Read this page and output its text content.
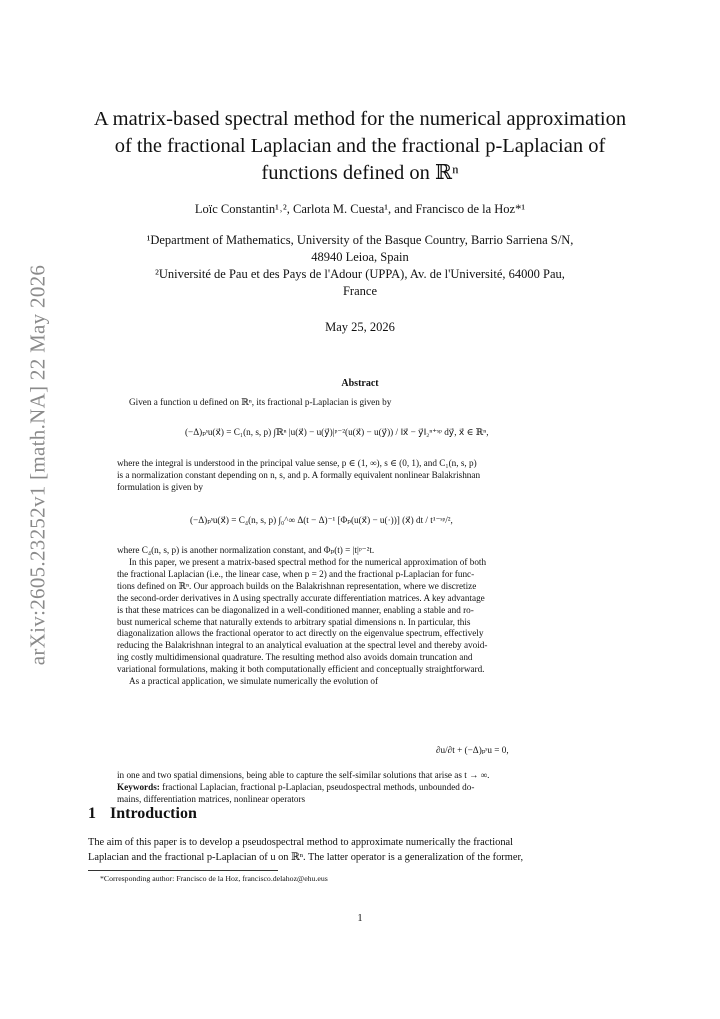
arXiv:2605.23252v1 [math.NA] 22 May 2026
A matrix-based spectral method for the numerical approximation
of the fractional Laplacian and the fractional p-Laplacian of
functions defined on ℝⁿ
Loïc Constantin¹˒², Carlota M. Cuesta¹, and Francisco de la Hoz*¹
¹Department of Mathematics, University of the Basque Country, Barrio Sarriena S/N,
48940 Leioa, Spain
²Université de Pau et des Pays de l'Adour (UPPA), Av. de l'Université, 64000 Pau,
France
May 25, 2026
Abstract
Given a function u defined on ℝⁿ, its fractional p-Laplacian is given by
(−Δ)ₚˢu(x⃗) = C₁(n, s, p) ∫ℝⁿ |u(x⃗) − u(y⃗)|ᵖ⁻²(u(x⃗) − u(y⃗)) / ‖x⃗ − y⃗‖₂ⁿ⁺ˢᵖ dy⃗, x⃗ ∈ ℝⁿ,
where the integral is understood in the principal value sense, p ∈ (1, ∞), s ∈ (0, 1), and C₁(n, s, p)
is a normalization constant depending on n, s, and p. A formally equivalent nonlinear Balakrishnan
formulation is given by
(−Δ)ₚˢu(x⃗) = C₄(n, s, p) ∫₀^∞ Δ(t − Δ)⁻¹ [Φₚ(u(x⃗) − u(·))] (x⃗) dt / t¹⁻ˢᵖ/²,
where C₄(n, s, p) is another normalization constant, and Φₚ(t) = |t|ᵖ⁻²t.
In this paper, we present a matrix-based spectral method for the numerical approximation of both
the fractional Laplacian (i.e., the linear case, when p = 2) and the fractional p-Laplacian for func-
tions defined on ℝⁿ. Our approach builds on the Balakrishnan representation, where we discretize
the second-order derivatives in Δ using spectrally accurate differentiation matrices. A key advantage
is that these matrices can be diagonalized in a well-conditioned manner, enabling a stable and ro-
bust numerical scheme that naturally extends to arbitrary spatial dimensions n. In particular, this
diagonalization allows the fractional operator to act directly on the eigenvalue spectrum, effectively
reducing the Balakrishnan integral to an analytical evaluation at the spectral level and thereby avoid-
ing costly multidimensional quadrature. The resulting method also avoids domain truncation and
variational formulations, making it both computationally efficient and conceptually straightforward.
As a practical application, we simulate numerically the evolution of
∂u/∂t + (−Δ)ₚˢu = 0,
in one and two spatial dimensions, being able to capture the self-similar solutions that arise as t → ∞.
Keywords: fractional Laplacian, fractional p-Laplacian, pseudospectral methods, unbounded do-
mains, differentiation matrices, nonlinear operators
1 Introduction
The aim of this paper is to develop a pseudospectral method to approximate numerically the fractional
Laplacian and the fractional p-Laplacian of u on ℝⁿ. The latter operator is a generalization of the former,
*Corresponding author: Francisco de la Hoz, francisco.delahoz@ehu.eus
1
